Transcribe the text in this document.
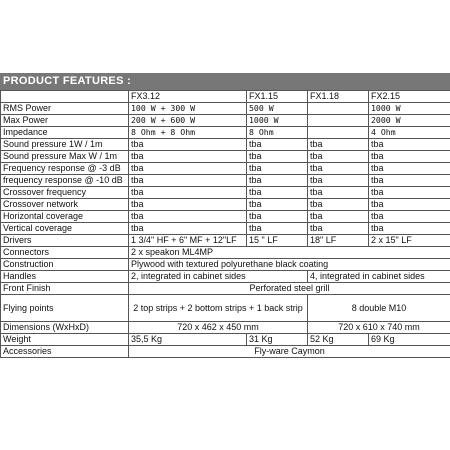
PRODUCT FEATURES :
	FX3.12	FX1.15	FX1.18	FX2.15
RMS Power	100 W + 300 W	500 W		1000 W
Max Power	200 W + 600 W	1000 W		2000 W
Impedance	8 Ohm + 8 Ohm	8 Ohm		4 Ohm
Sound pressure 1W / 1m	tba	tba	tba	tba
Sound pressure Max W / 1m	tba	tba	tba	tba
Frequency response @ -3 dB	tba	tba	tba	tba
frequency response @ -10 dB	tba	tba	tba	tba
Crossover frequency	tba	tba	tba	tba
Crossover network	tba	tba	tba	tba
Horizontal coverage	tba	tba	tba	tba
Vertical coverage	tba	tba	tba	tba
Drivers	1 3/4" HF + 6" MF + 12"LF	15 " LF	18" LF	2 x 15" LF
Connectors	2 x speakon ML4MP			
Construction	Plywood with textured polyurethane black coating			
Handles	2, integrated in cabinet sides		4, integrated in cabinet sides	
Front Finish	Perforated steel grill			
Flying points	2 top strips + 2 bottom strips + 1 back strip		8 double M10	
Dimensions (WxHxD)	720 x 462 x 450 mm		720 x 610 x 740 mm	
Weight	35,5 Kg	31 Kg	52 Kg	69 Kg
Accessories	Fly-ware Caymon			
